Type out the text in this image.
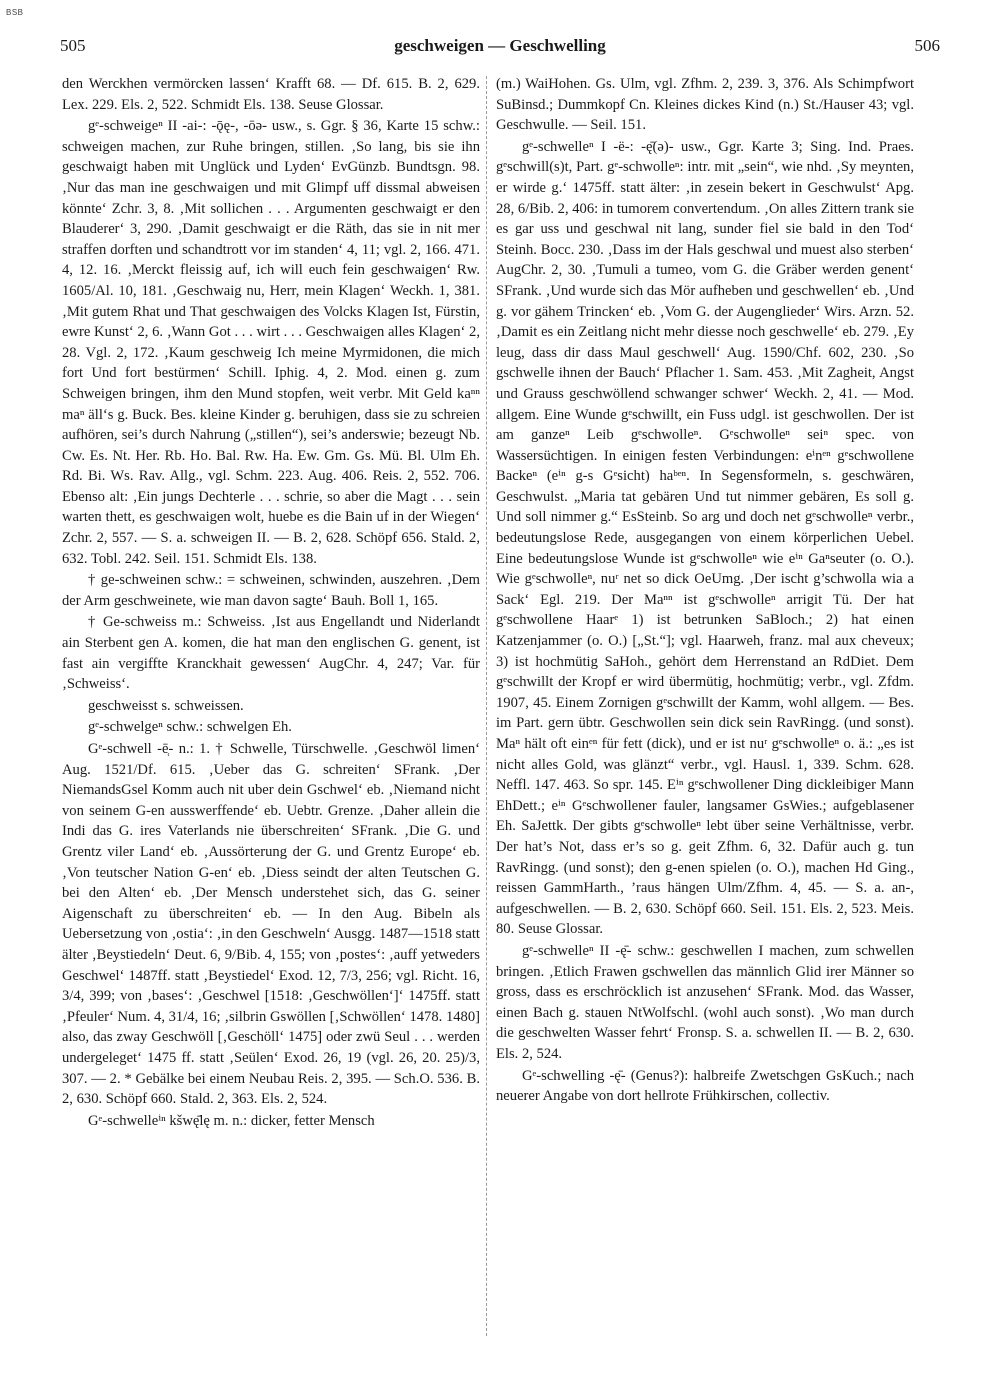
BSB
505	geschweigen — Geschwelling	506

den Werckhen vermörcken lassen‘ Krafft 68. — Df. 615. B. 2, 629. Lex. 229. Els. 2, 522. Schmidt Els. 138. Seuse Glossar.

gᵉ-schweigeⁿ II -ai-: -ǭę-, -ōə- usw., s. Ggr. § 36, Karte 15 schw.: schweigen machen, zur Ruhe bringen, stillen. ‚So lang, bis sie ihn geschwaigt haben mit Unglück und Lyden‘ EvGünzb. Bundtsgn. 98. ‚Nur das man ine geschwaigen und mit Glimpf uff dissmal abweisen könnte‘ Zchr. 3, 8. ‚Mit sollichen . . . Argumenten geschwaigt er den Blauderer‘ 3, 290. ‚Damit geschwaigt er die Räth, das sie in nit mer straffen dorften und schandtrott vor im standen‘ 4, 11; vgl. 2, 166. 471. 4, 12. 16. ‚Merckt fleissig auf, ich will euch fein geschwaigen‘ Rw. 1605/Al. 10, 181. ‚Geschwaig nu, Herr, mein Klagen‘ Weckh. 1, 381. ‚Mit gutem Rhat und That geschwaigen des Volcks Klagen Ist, Fürstin, ewre Kunst‘ 2, 6. ‚Wann Got . . . wirt . . . Geschwaigen alles Klagen‘ 2, 28. Vgl. 2, 172. ‚Kaum geschweig Ich meine Myrmidonen, die mich fort Und fort bestürmen‘ Schill. Iphig. 4, 2. Mod. einen g. zum Schweigen bringen, ihm den Mund stopfen, weit verbr. Mit Geld kaⁿⁿ maⁿ äll‘s g. Buck. Bes. kleine Kinder g. beruhigen, dass sie zu schreien aufhören, sei’s durch Nahrung („stillen“), sei’s anderswie; bezeugt Nb. Cw. Es. Nt. Her. Rb. Ho. Bal. Rw. Ha. Ew. Gm. Gs. Mü. Bl. Ulm Eh. Rd. Bi. Ws. Rav. Allg., vgl. Schm. 223. Aug. 406. Reis. 2, 552. 706. Ebenso alt: ‚Ein jungs Dechterle . . . schrie, so aber die Magt . . . sein warten thett, es geschwaigen wolt, huebe es die Bain uf in der Wiegen‘ Zchr. 2, 557. — S. a. schweigen II. — B. 2, 628. Schöpf 656. Stald. 2, 632. Tobl. 242. Seil. 151. Schmidt Els. 138.

† ge-schweinen schw.: = schweinen, schwinden, auszehren. ‚Dem der Arm geschweinete, wie man davon sagte‘ Bauh. Boll 1, 165.

† Ge-schweiss m.: Schweiss. ‚Ist aus Engellandt und Niderlandt ain Sterbent gen A. komen, die hat man den englischen G. genent, ist fast ain vergiffte Kranckhait gewessen‘ AugChr. 4, 247; Var. für ‚Schweiss‘.

geschweisst s. schweissen.

gᵉ-schwelgeⁿ schw.: schwelgen Eh.

Gᵉ-schwell -ē̜- n.: 1. † Schwelle, Türschwelle. ‚Geschwöl limen‘ Aug. 1521/Df. 615. ‚Ueber das G. schreiten‘ SFrank. ‚Der NiemandsGsel Komm auch nit uber dein Gschwel‘ eb. ‚Niemand nicht von seinem G-en ausswerffende‘ eb. Uebtr. Grenze. ‚Daher allein die Indi das G. ires Vaterlands nie überschreiten‘ SFrank. ‚Die G. und Grentz viler Land‘ eb. ‚Aussörterung der G. und Grentz Europe‘ eb. ‚Von teutscher Nation G-en‘ eb. ‚Diess seindt der alten Teutschen G. bei den Alten‘ eb. ‚Der Mensch understehet sich, das G. seiner Aigenschaft zu überschreiten‘ eb. — In den Aug. Bibeln als Uebersetzung von ‚ostia‘: ‚in den Geschweln‘ Ausgg. 1487—1518 statt älter ‚Beystiedeln‘ Deut. 6, 9/Bib. 4, 155; von ‚postes‘: ‚auff yetweders Geschwel‘ 1487ff. statt ‚Beystiedel‘ Exod. 12, 7/3, 256; vgl. Richt. 16, 3/4, 399; von ‚bases‘: ‚Geschwel [1518: ‚Geschwöllen‘]‘ 1475ff. statt ‚Pfeuler‘ Num. 4, 31/4, 16; ‚silbrin Gswöllen [‚Schwöllen‘ 1478. 1480] also, das zway Geschwöll [‚Geschöll‘ 1475] oder zwü Seul . . . werden undergeleget‘ 1475 ff. statt ‚Seülen‘ Exod. 26, 19 (vgl. 26, 20. 25)/3, 307. — 2. * Gebälke bei einem Neubau Reis. 2, 395. — Sch.O. 536. B. 2, 630. Schöpf 660. Stald. 2, 363. Els. 2, 524.

Gᵉ-schwelleⁱⁿ kšwę̄lę m. n.: dicker, fetter Mensch

(m.) WaiHohen. Gs. Ulm, vgl. Zfhm. 2, 239. 3, 376. Als Schimpfwort SuBinsd.; Dummkopf Cn. Kleines dickes Kind (n.) St./Hauser 43; vgl. Geschwulle. — Seil. 151.

gᵉ-schwelleⁿ I -ë-: -ę̄(ə)- usw., Ggr. Karte 3; Sing. Ind. Praes. gᵉschwill(s)t, Part. gᵉ-schwolleⁿ: intr. mit „sein“, wie nhd. ‚Sy meynten, er wirde g.‘ 1475ff. statt älter: ‚in zesein bekert in Geschwulst‘ Apg. 28, 6/Bib. 2, 406: in tumorem convertendum. ‚On alles Zittern trank sie es gar uss und geschwal nit lang, sunder fiel sie bald in den Tod‘ Steinh. Bocc. 230. ‚Dass im der Hals geschwal und muest also sterben‘ AugChr. 2, 30. ‚Tumuli a tumeo, vom G. die Gräber werden genent‘ SFrank. ‚Und wurde sich das Mör aufheben und geschwellen‘ eb. ‚Und g. vor gähem Trincken‘ eb. ‚Vom G. der Augenglieder‘ Wirs. Arzn. 52. ‚Damit es ein Zeitlang nicht mehr diesse noch geschwelle‘ eb. 279. ‚Ey leug, dass dir dass Maul geschwell‘ Aug. 1590/Chf. 602, 230. ‚So gschwelle ihnen der Bauch‘ Pflacher 1. Sam. 453. ‚Mit Zagheit, Angst und Grauss geschwöllend schwanger schwer‘ Weckh. 2, 41. — Mod. allgem. Eine Wunde gᵉschwillt, ein Fuss udgl. ist geschwollen. Der ist am ganzeⁿ Leib gᵉschwolleⁿ. Gᵉschwolleⁿ seiⁿ spec. von Wassersüchtigen. In einigen festen Verbindungen: eⁱnᵉⁿ gᵉschwollene Backeⁿ (eⁱⁿ g-s Gᵉsicht) haᵇᵉⁿ. In Segensformeln, s. geschwären, Geschwulst. „Maria tat gebären Und tut nimmer gebären, Es soll g. Und soll nimmer g.“ EsSteinb. So arg und doch net gᵉschwolleⁿ verbr., bedeutungslose Rede, ausgegangen von einem körperlichen Uebel. Eine bedeutungslose Wunde ist gᵉschwolleⁿ wie eⁱⁿ Gaⁿseuter (o. O.). Wie gᵉschwolleⁿ, nuʳ net so dick OeUmg. ‚Der ischt g’schwolla wia a Sack‘ Egl. 219. Der Maⁿⁿ ist gᵉschwolleⁿ arrigit Tü. Der hat gᵉschwollene Haarᵉ 1) ist betrunken SaBloch.; 2) hat einen Katzenjammer (o. O.) [„St.“]; vgl. Haarweh, franz. mal aux cheveux; 3) ist hochmütig SaHoh., gehört dem Herrenstand an RdDiet. Dem gᵉschwillt der Kropf er wird übermütig, hochmütig; verbr., vgl. Zfdm. 1907, 45. Einem Zornigen gᵉschwillt der Kamm, wohl allgem. — Bes. im Part. gern übtr. Geschwollen sein dick sein RavRingg. (und sonst). Maⁿ hält oft einᵉⁿ für fett (dick), und er ist nuʳ gᵉschwolleⁿ o. ä.: „es ist nicht alles Gold, was glänzt“ verbr., vgl. Hausl. 1, 339. Schm. 628. Neffl. 147. 463. So spr. 145. Eⁱⁿ gᵉschwollener Ding dickleibiger Mann EhDett.; eⁱⁿ Gᵉschwollener fauler, langsamer GsWies.; aufgeblasener Eh. SaJettk. Der gibts gᵉschwolleⁿ lebt über seine Verhältnisse, verbr. Der hat’s Not, dass er’s so g. geit Zfhm. 6, 32. Dafür auch g. tun RavRingg. (und sonst); den g-enen spielen (o. O.), machen Hd Ging., reissen GammHarth., ’raus hängen Ulm/Zfhm. 4, 45. — S. a. an-, aufgeschwellen. — B. 2, 630. Schöpf 660. Seil. 151. Els. 2, 523. Meis. 80. Seuse Glossar.

gᵉ-schwelleⁿ II -ę̄- schw.: geschwellen I machen, zum schwellen bringen. ‚Etlich Frawen gschwellen das männlich Glid irer Männer so gross, dass es erschröcklich ist anzusehen‘ SFrank. Mod. das Wasser, einen Bach g. stauen NtWolfschl. (wohl auch sonst). ‚Wo man durch die geschwelten Wasser fehrt‘ Fronsp. S. a. schwellen II. — B. 2, 630. Els. 2, 524.

Gᵉ-schwelling -ę̄- (Genus?): halbreife Zwetschgen GsKuch.; nach neuerer Angabe von dort hellrote Frühkirschen, collectiv.
